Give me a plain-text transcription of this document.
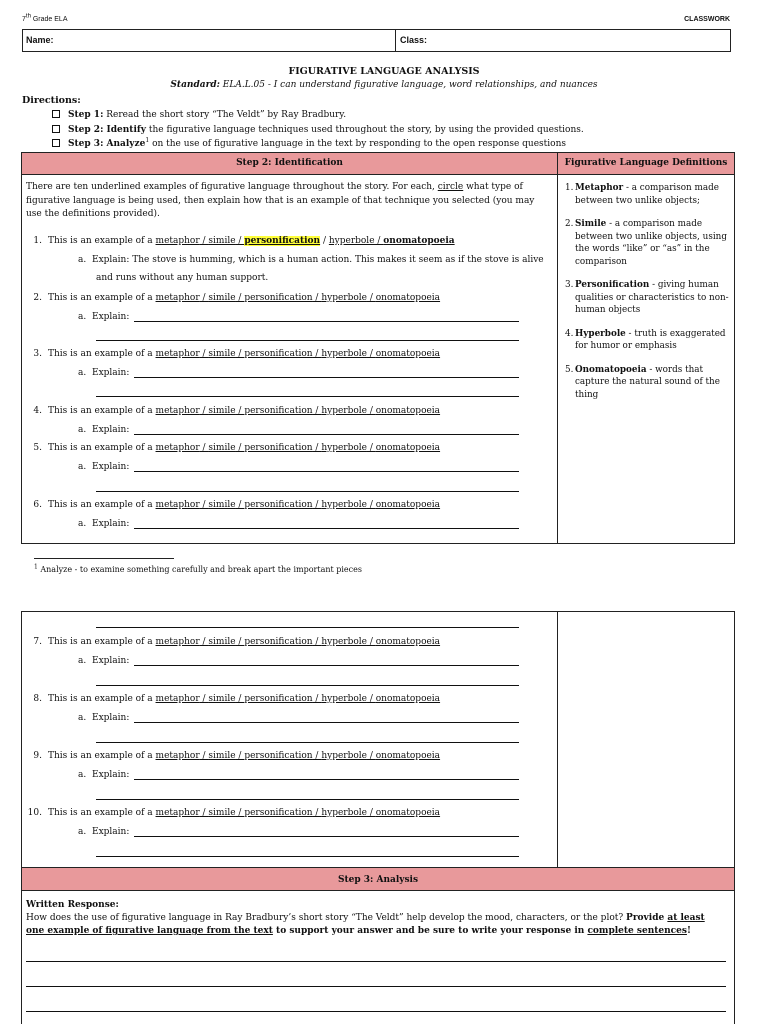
7th Grade ELA	CLASSWORK
Name:	Class:
FIGURATIVE LANGUAGE ANALYSIS
Standard: ELA.L.05 - I can understand figurative language, word relationships, and nuances
Directions:
Step 1: Reread the short story “The Veldt” by Ray Bradbury.
Step 2: Identify the figurative language techniques used throughout the story, by using the provided questions.
Step 3: Analyze$^1$ on the use of figurative language in the text by responding to the open response questions
Step 2: Identification	Figurative Language Definitions
There are ten underlined examples of figurative language throughout the story. For each, circle what type of figurative language is being used, then explain how that is an example of that technique you selected (you may use the definitions provided).
1. This is an example of a metaphor / simile / personification / hyperbole / onomatopoeia
a. Explain: The stove is humming, which is a human action. This makes it seem as if the stove is alive
and runs without any human support.
2. This is an example of a metaphor / simile / personification / hyperbole / onomatopoeia
a. Explain:
3. This is an example of a metaphor / simile / personification / hyperbole / onomatopoeia
a. Explain:
4. This is an example of a metaphor / simile / personification / hyperbole / onomatopoeia
a. Explain:
5. This is an example of a metaphor / simile / personification / hyperbole / onomatopoeia
a. Explain:
6. This is an example of a metaphor / simile / personification / hyperbole / onomatopoeia
a. Explain:
1. Metaphor - a comparison made between two unlike objects;
2. Simile - a comparison made between two unlike objects, using the words “like” or “as” in the comparison
3. Personification - giving human qualities or characteristics to non-human objects
4. Hyperbole - truth is exaggerated for humor or emphasis
5. Onomatopoeia - words that capture the natural sound of the thing
$^1$ Analyze - to examine something carefully and break apart the important pieces
7. This is an example of a metaphor / simile / personification / hyperbole / onomatopoeia
a. Explain:
8. This is an example of a metaphor / simile / personification / hyperbole / onomatopoeia
a. Explain:
9. This is an example of a metaphor / simile / personification / hyperbole / onomatopoeia
a. Explain:
10. This is an example of a metaphor / simile / personification / hyperbole / onomatopoeia
a. Explain:
Step 3: Analysis
Written Response:
How does the use of figurative language in Ray Bradbury’s short story “The Veldt” help develop the mood, characters, or the plot? Provide at least one example of figurative language from the text to support your answer and be sure to write your response in complete sentences!
